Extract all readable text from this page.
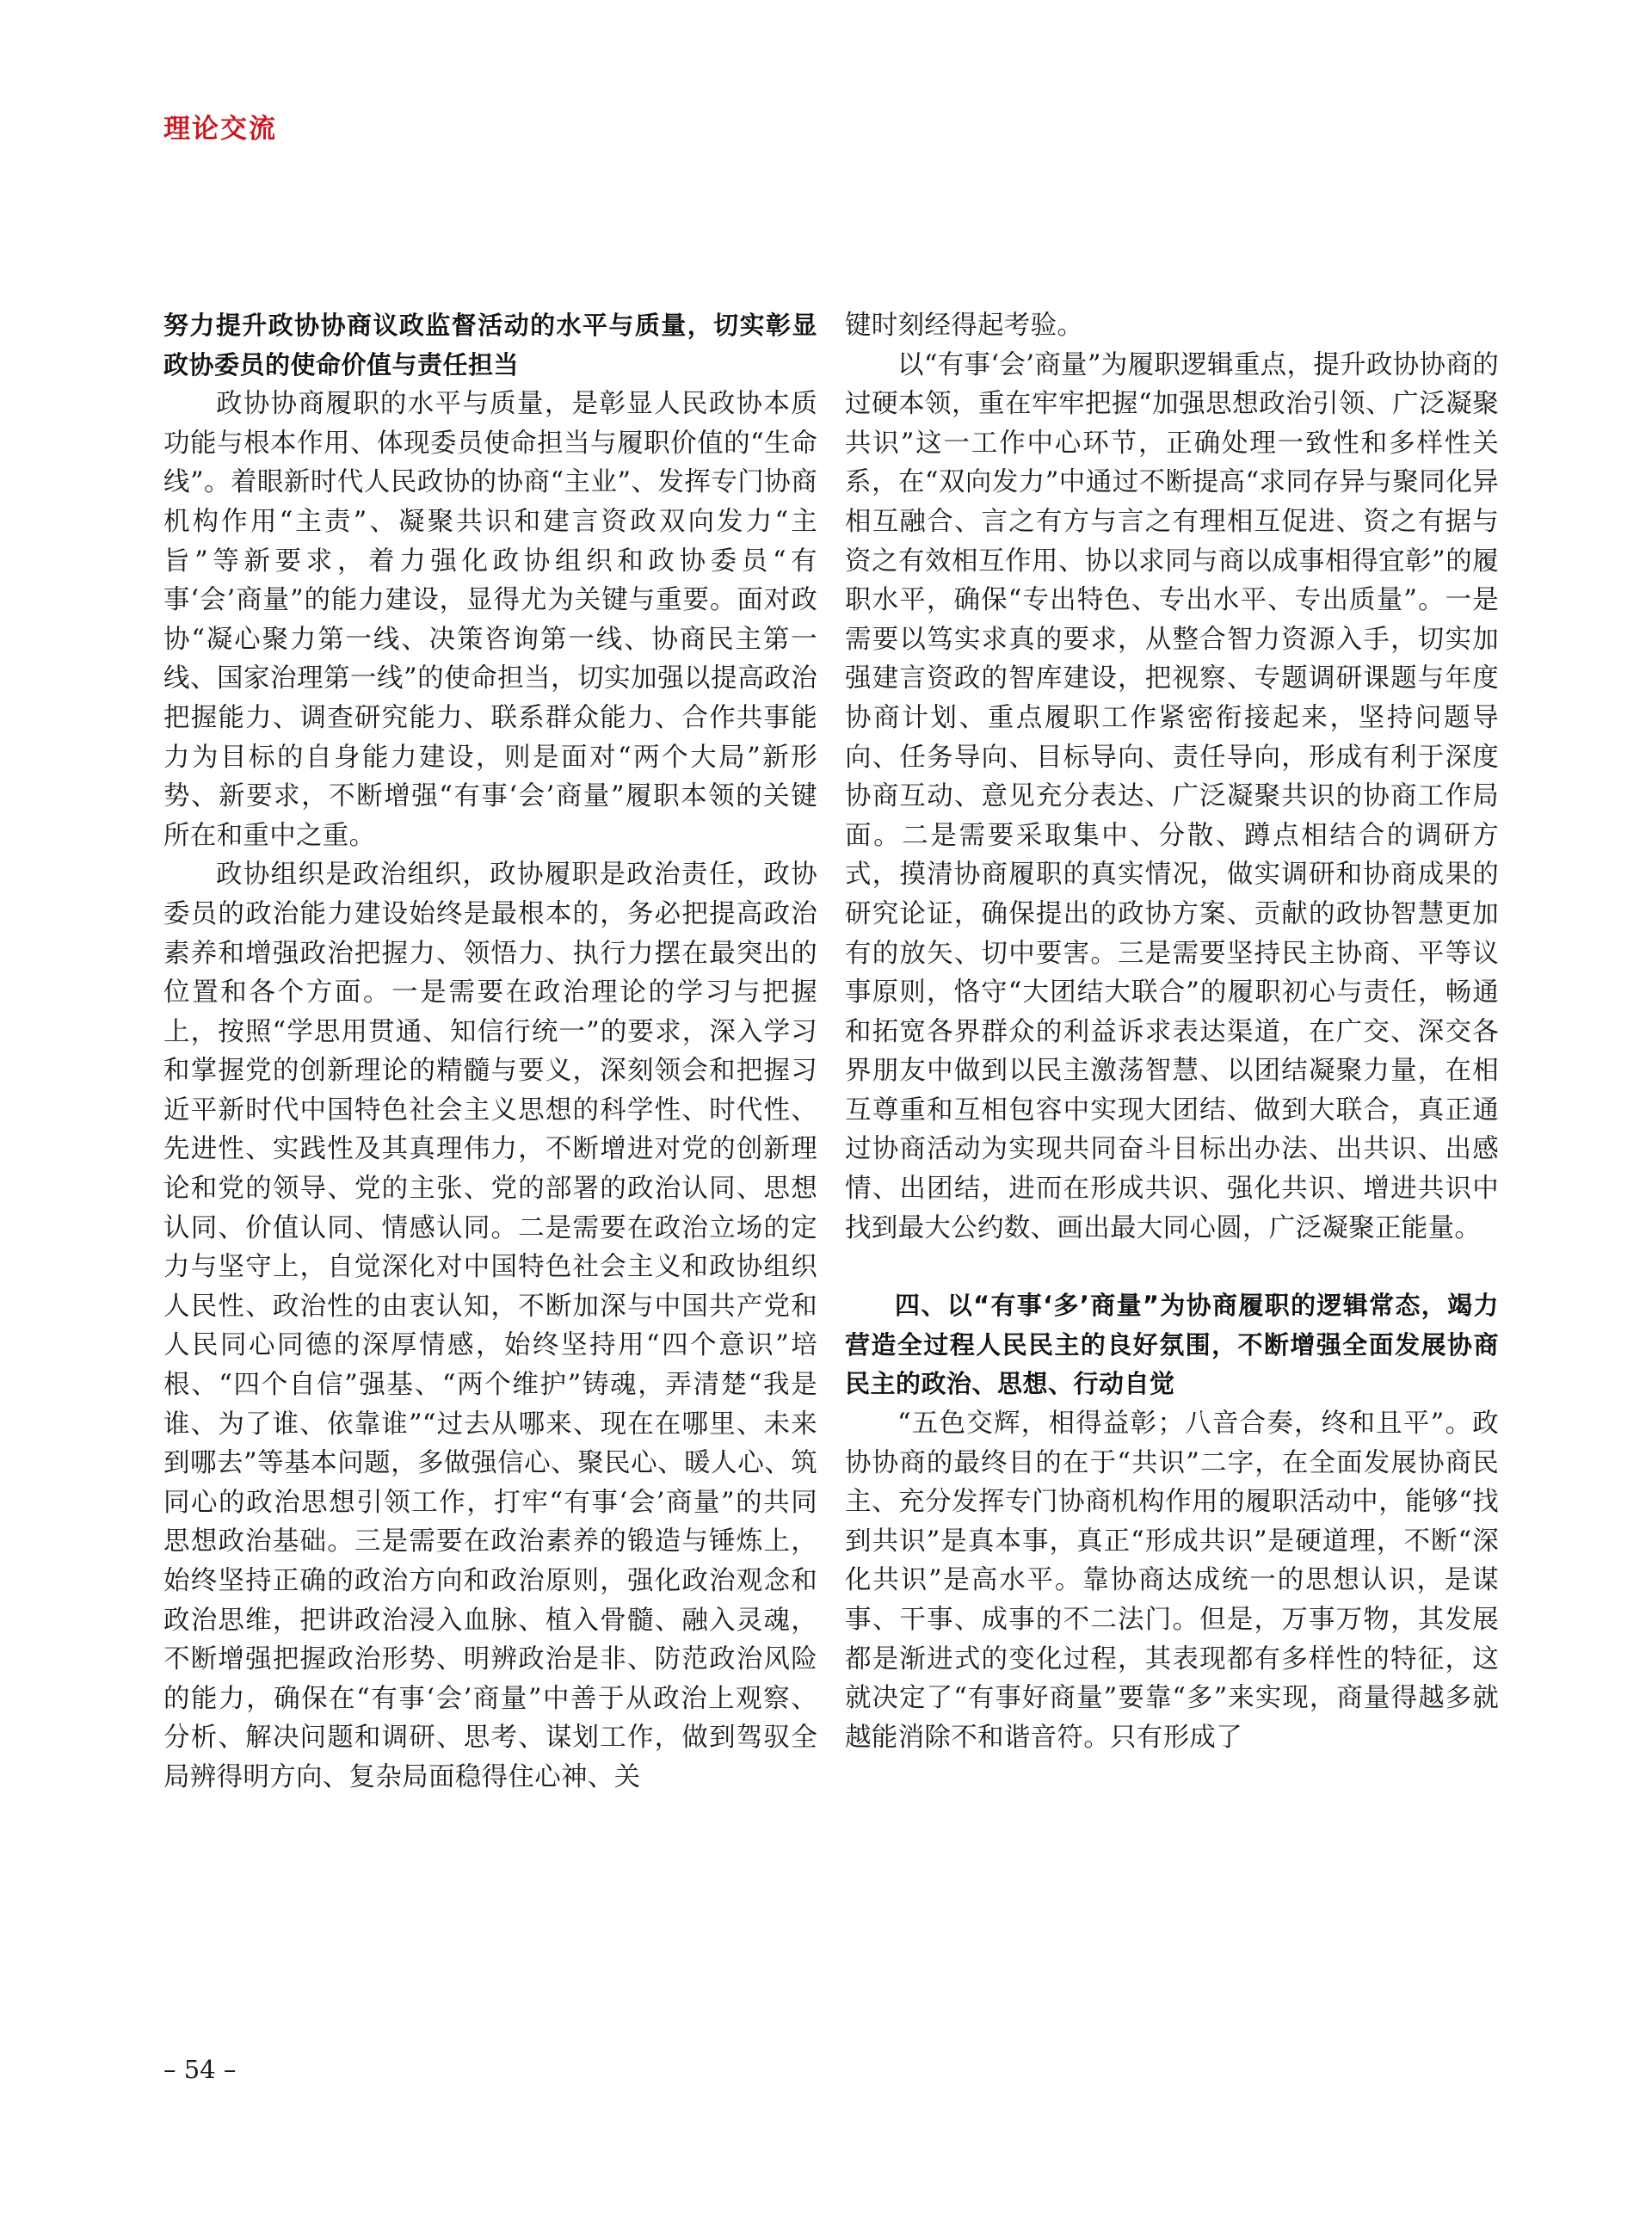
理论交流
努力提升政协协商议政监督活动的水平与质量，切实彰显政协委员的使命价值与责任担当

政协协商履职的水平与质量，是彰显人民政协本质功能与根本作用、体现委员使命担当与履职价值的“生命线”。着眼新时代人民政协的协商“主业”、发挥专门协商机构作用“主责”、凝聚共识和建言资政双向发力“主旨”等新要求，着力强化政协组织和政协委员“有事‘会’商量”的能力建设，显得尤为关键与重要。面对政协“凝心聚力第一线、决策咨询第一线、协商民主第一线、国家治理第一线”的使命担当，切实加强以提高政治把握能力、调查研究能力、联系群众能力、合作共事能力为目标的自身能力建设，则是面对“两个大局”新形势、新要求，不断增强“有事‘会’商量”履职本领的关键所在和重中之重。

政协组织是政治组织，政协履职是政治责任，政协委员的政治能力建设始终是最根本的，务必把提高政治素养和增强政治把握力、领悟力、执行力摆在最突出的位置和各个方面。一是需要在政治理论的学习与把握上，按照“学思用贯通、知信行统一”的要求，深入学习和掌握党的创新理论的精髓与要义，深刻领会和把握习近平新时代中国特色社会主义思想的科学性、时代性、先进性、实践性及其真理伟力，不断增进对党的创新理论和党的领导、党的主张、党的部署的政治认同、思想认同、价值认同、情感认同。二是需要在政治立场的定力与坚守上，自觉深化对中国特色社会主义和政协组织人民性、政治性的由衷认知，不断加深与中国共产党和人民同心同德的深厚情感，始终坚持用“四个意识”培根、“四个自信”强基、“两个维护”铸魂，弄清楚“我是谁、为了谁、依靠谁”“过去从哪来、现在在哪里、未来到哪去”等基本问题，多做强信心、聚民心、暖人心、筑同心的政治思想引领工作，打牢“有事‘会’商量”的共同思想政治基础。三是需要在政治素养的锻造与锤炼上，始终坚持正确的政治方向和政治原则，强化政治观念和政治思维，把讲政治浸入血脉、植入骨髓、融入灵魂，不断增强把握政治形势、明辨政治是非、防范政治风险的能力，确保在“有事‘会’商量”中善于从政治上观察、分析、解决问题和调研、思考、谋划工作，做到驾驭全局辨得明方向、复杂局面稳得住心神、关

键时刻经得起考验。

以“有事‘会’商量”为履职逻辑重点，提升政协协商的过硬本领，重在牢牢把握“加强思想政治引领、广泛凝聚共识”这一工作中心环节，正确处理一致性和多样性关系，在“双向发力”中通过不断提高“求同存异与聚同化异相互融合、言之有方与言之有理相互促进、资之有据与资之有效相互作用、协以求同与商以成事相得宜彰”的履职水平，确保“专出特色、专出水平、专出质量”。一是需要以笃实求真的要求，从整合智力资源入手，切实加强建言资政的智库建设，把视察、专题调研课题与年度协商计划、重点履职工作紧密衔接起来，坚持问题导向、任务导向、目标导向、责任导向，形成有利于深度协商互动、意见充分表达、广泛凝聚共识的协商工作局面。二是需要采取集中、分散、蹲点相结合的调研方式，摸清协商履职的真实情况，做实调研和协商成果的研究论证，确保提出的政协方案、贡献的政协智慧更加有的放矢、切中要害。三是需要坚持民主协商、平等议事原则，恪守“大团结大联合”的履职初心与责任，畅通和拓宽各界群众的利益诉求表达渠道，在广交、深交各界朋友中做到以民主激荡智慧、以团结凝聚力量，在相互尊重和互相包容中实现大团结、做到大联合，真正通过协商活动为实现共同奋斗目标出办法、出共识、出感情、出团结，进而在形成共识、强化共识、增进共识中找到最大公约数、画出最大同心圆，广泛凝聚正能量。

四、以“有事‘多’商量”为协商履职的逻辑常态，竭力营造全过程人民民主的良好氛围，不断增强全面发展协商民主的政治、思想、行动自觉

“五色交辉，相得益彰；八音合奏，终和且平”。政协协商的最终目的在于“共识”二字，在全面发展协商民主、充分发挥专门协商机构作用的履职活动中，能够“找到共识”是真本事，真正“形成共识”是硬道理，不断“深化共识”是高水平。靠协商达成统一的思想认识，是谋事、干事、成事的不二法门。但是，万事万物，其发展都是渐进式的变化过程，其表现都有多样性的特征，这就决定了“有事好商量”要靠“多”来实现，商量得越多就越能消除不和谐音符。只有形成了

– 54 –
